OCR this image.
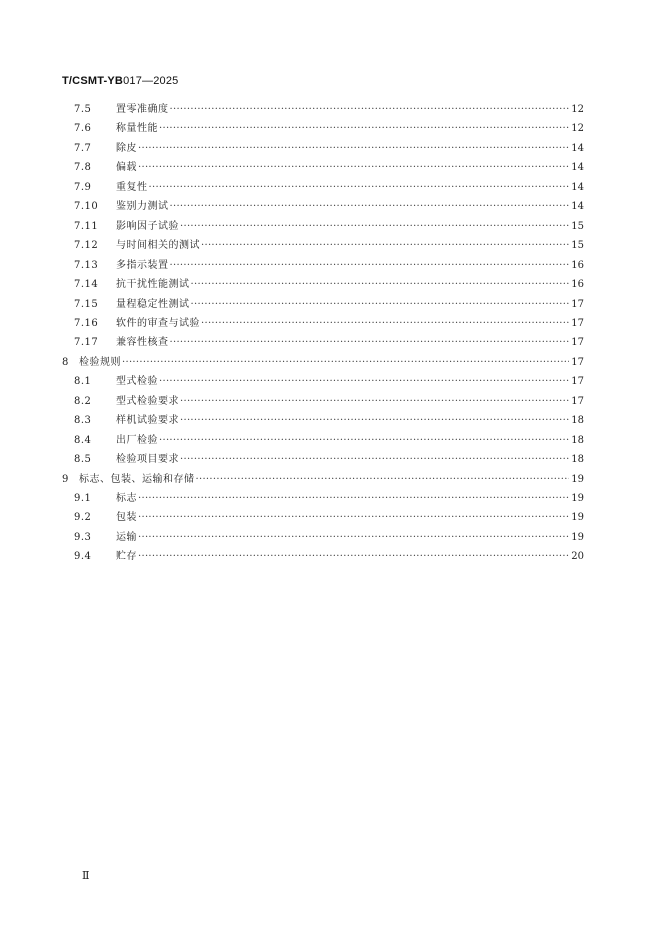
T/CSMT-YB017—2025
7.5	置零准确度 ·····	12
7.6	称量性能 ·····	12
7.7	除皮 ·····	14
7.8	偏载 ·····	14
7.9	重复性 ·····	14
7.10	鉴别力测试 ·····	14
7.11	影响因子试验 ·····	15
7.12	与时间相关的测试 ·····	15
7.13	多指示装置 ·····	16
7.14	抗干扰性能测试 ·····	16
7.15	量程稳定性测试 ·····	17
7.16	软件的审查与试验 ·····	17
7.17	兼容性核查 ·····	17
8	检验规则 ·····	17
8.1	型式检验 ·····	17
8.2	型式检验要求 ·····	17
8.3	样机试验要求 ·····	18
8.4	出厂检验 ·····	18
8.5	检验项目要求 ·····	18
9	标志、包装、运输和存储 ·····	19
9.1	标志 ·····	19
9.2	包装 ·····	19
9.3	运输 ·····	19
9.4	贮存 ·····	20
Ⅱ
